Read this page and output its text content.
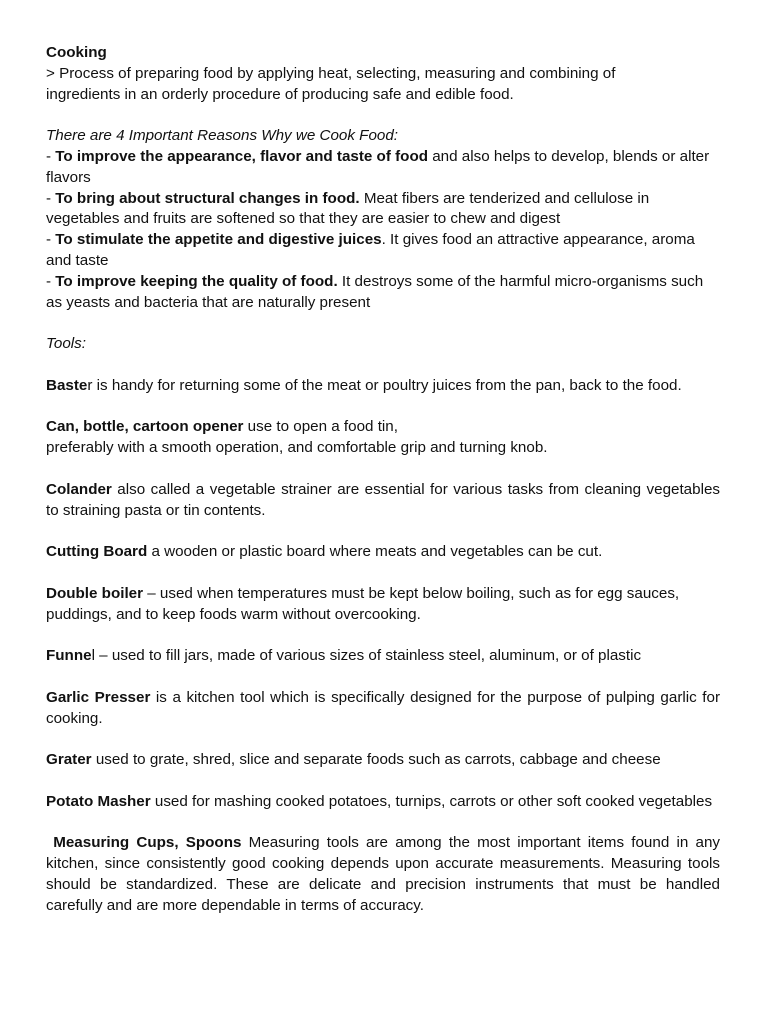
Cooking

> Process of preparing food by applying heat, selecting, measuring and combining of ingredients in an orderly procedure of producing safe and edible food.

There are 4 Important Reasons Why we Cook Food:

- To improve the appearance, flavor and taste of food and also helps to develop, blends or alter flavors

- To bring about structural changes in food. Meat fibers are tenderized and cellulose in vegetables and fruits are softened so that they are easier to chew and digest

- To stimulate the appetite and digestive juices. It gives food an attractive appearance, aroma and taste

- To improve keeping the quality of food. It destroys some of the harmful micro-organisms such as yeasts and bacteria that are naturally present

Tools:

Baster is handy for returning some of the meat or poultry juices from the pan, back to the food.

Can, bottle, cartoon opener use to open a food tin,
preferably with a smooth operation, and comfortable grip and turning knob.

Colander also called a vegetable strainer are essential for various tasks from cleaning vegetables to straining pasta or tin contents.

Cutting Board a wooden or plastic board where meats and vegetables can be cut.

Double boiler – used when temperatures must be kept below boiling, such as for egg sauces, puddings, and to keep foods warm without overcooking.

Funnel – used to fill jars, made of various sizes of stainless steel, aluminum, or of plastic

Garlic Presser is a kitchen tool which is specifically designed for the purpose of pulping garlic for cooking.

Grater used to grate, shred, slice and separate foods such as carrots, cabbage and cheese

Potato Masher used for mashing cooked potatoes, turnips, carrots or other soft cooked vegetables

Measuring Cups, Spoons Measuring tools are among the most important items found in any kitchen, since consistently good cooking depends upon accurate measurements. Measuring tools should be standardized. These are delicate and precision instruments that must be handled carefully and are more dependable in terms of accuracy.
